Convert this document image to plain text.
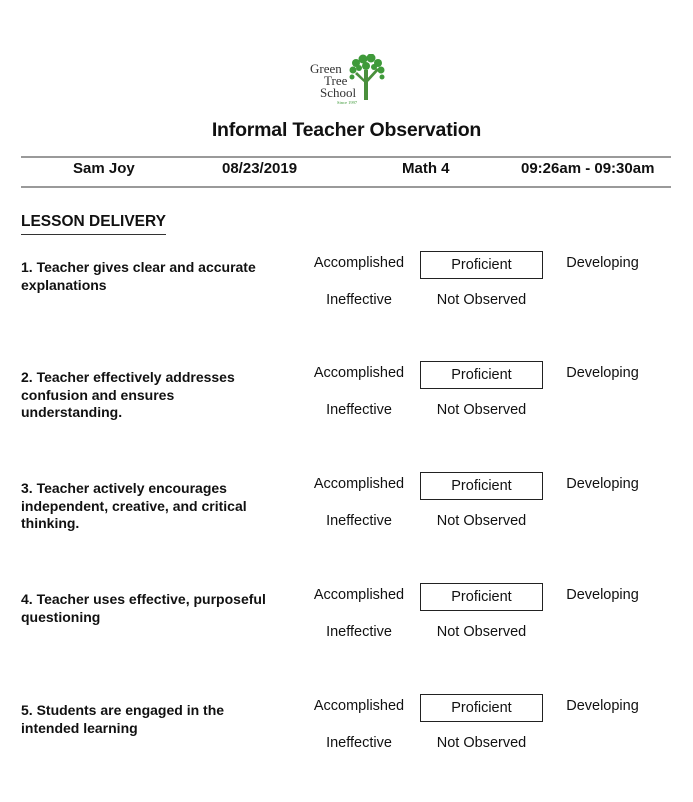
Green
Tree
School
Since 1997
Informal Teacher Observation
Sam Joy	08/23/2019	Math 4	09:26am - 09:30am
LESSON DELIVERY
1. Teacher gives clear and accurate explanations
Accomplished	Proficient	Developing
Ineffective	Not Observed
2. Teacher effectively addresses confusion and ensures understanding.
Accomplished	Proficient	Developing
Ineffective	Not Observed
3. Teacher actively encourages independent, creative, and critical thinking.
Accomplished	Proficient	Developing
Ineffective	Not Observed
4. Teacher uses effective, purposeful questioning
Accomplished	Proficient	Developing
Ineffective	Not Observed
5. Students are engaged in the intended learning
Accomplished	Proficient	Developing
Ineffective	Not Observed
